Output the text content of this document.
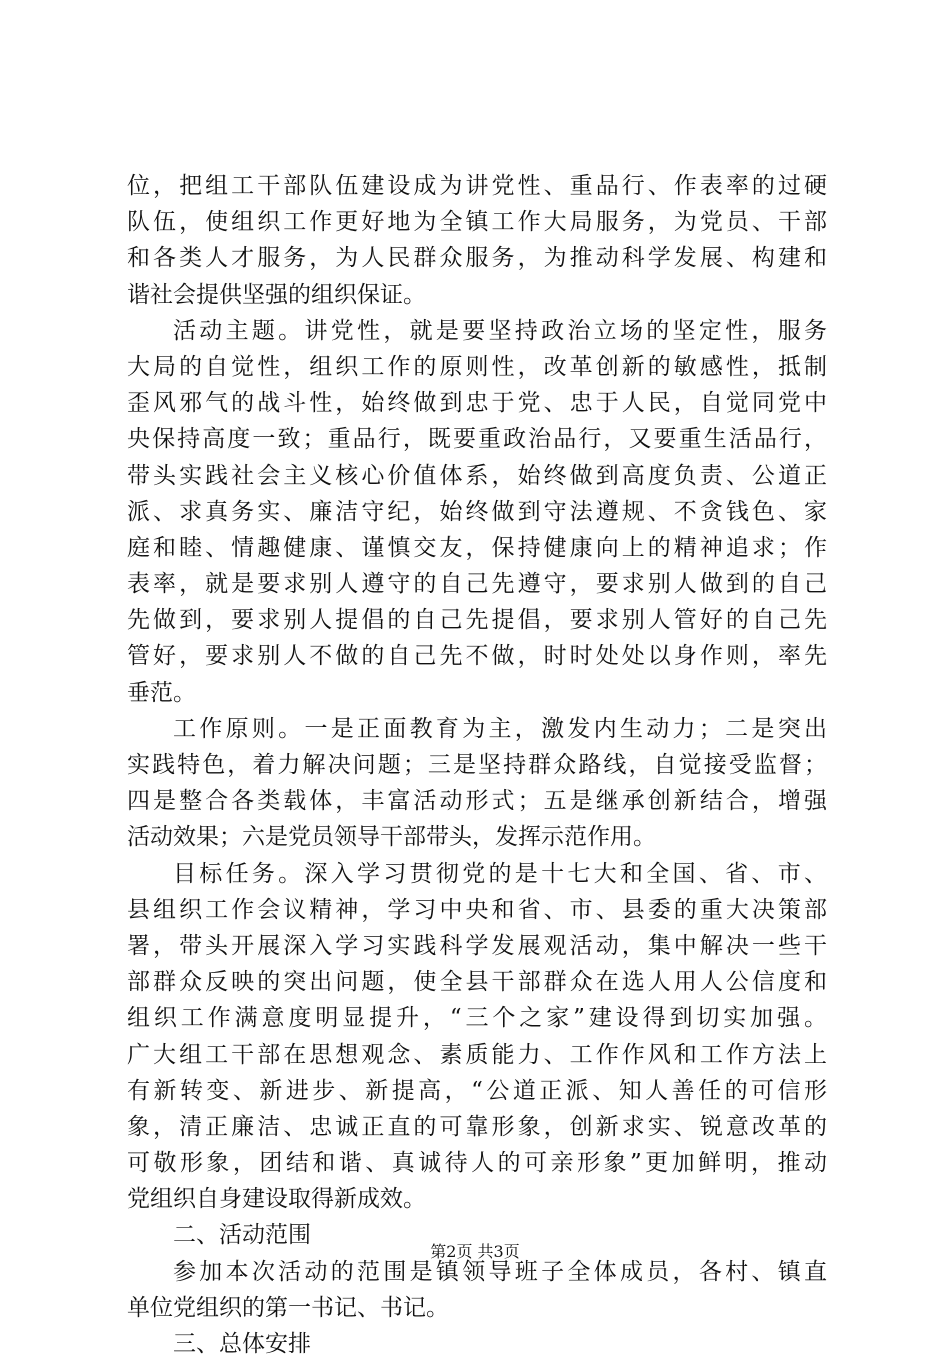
位，把组工干部队伍建设成为讲党性、重品行、作表率的过硬
队伍，使组织工作更好地为全镇工作大局服务，为党员、干部
和各类人才服务，为人民群众服务，为推动科学发展、构建和
谐社会提供坚强的组织保证。
活动主题。讲党性，就是要坚持政治立场的坚定性，服务
大局的自觉性，组织工作的原则性，改革创新的敏感性，抵制
歪风邪气的战斗性，始终做到忠于党、忠于人民，自觉同党中
央保持高度一致；重品行，既要重政治品行，又要重生活品行，
带头实践社会主义核心价值体系，始终做到高度负责、公道正
派、求真务实、廉洁守纪，始终做到守法遵规、不贪钱色、家
庭和睦、情趣健康、谨慎交友，保持健康向上的精神追求；作
表率，就是要求别人遵守的自己先遵守，要求别人做到的自己
先做到，要求别人提倡的自己先提倡，要求别人管好的自己先
管好，要求别人不做的自己先不做，时时处处以身作则，率先
垂范。
工作原则。一是正面教育为主，激发内生动力；二是突出
实践特色，着力解决问题；三是坚持群众路线，自觉接受监督；
四是整合各类载体，丰富活动形式；五是继承创新结合，增强
活动效果；六是党员领导干部带头，发挥示范作用。
目标任务。深入学习贯彻党的是十七大和全国、省、市、
县组织工作会议精神，学习中央和省、市、县委的重大决策部
署，带头开展深入学习实践科学发展观活动，集中解决一些干
部群众反映的突出问题，使全县干部群众在选人用人公信度和
组织工作满意度明显提升，“三个之家”建设得到切实加强。
广大组工干部在思想观念、素质能力、工作作风和工作方法上
有新转变、新进步、新提高，“公道正派、知人善任的可信形
象，清正廉洁、忠诚正直的可靠形象，创新求实、锐意改革的
可敬形象，团结和谐、真诚待人的可亲形象”更加鲜明，推动
党组织自身建设取得新成效。
二、活动范围
参加本次活动的范围是镇领导班子全体成员，各村、镇直
单位党组织的第一书记、书记。
三、总体安排
第2页 共3页
